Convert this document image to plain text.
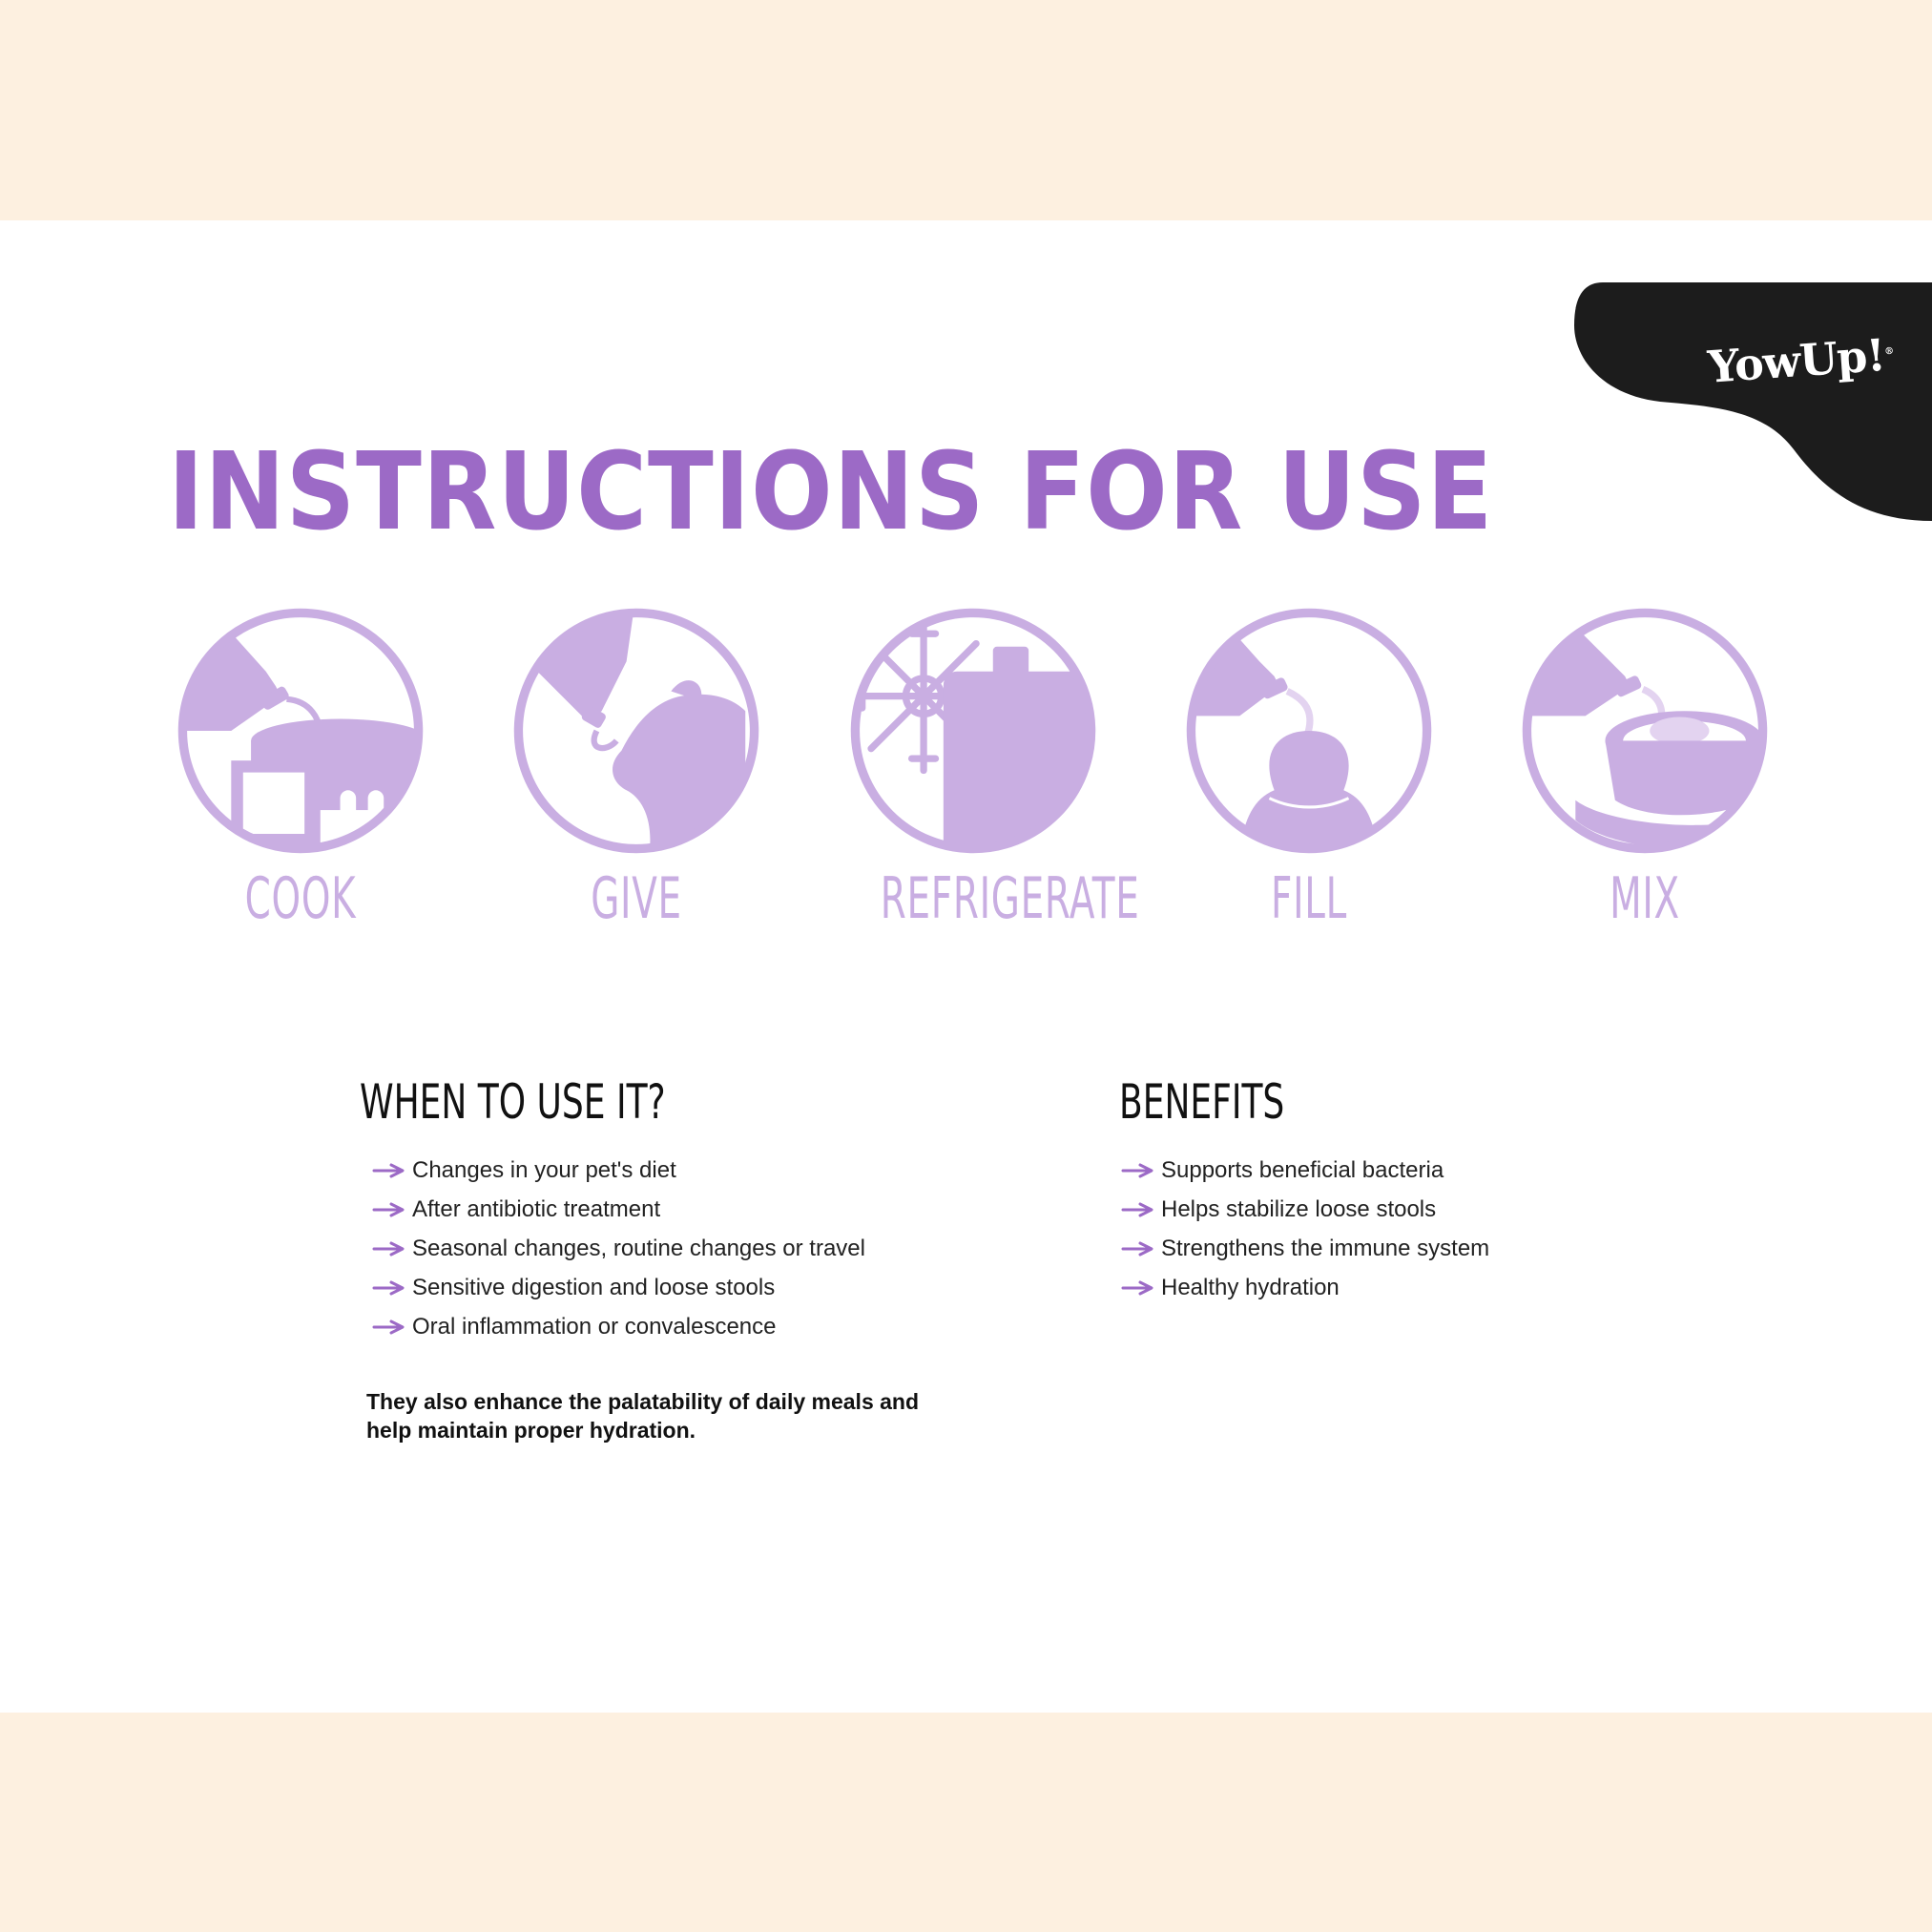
YowUp!®
INSTRUCTIONS FOR USE
COOK	GIVE	REFRIGERATE	FILL	MIX
WHEN TO USE IT?
Changes in your pet's diet
After antibiotic treatment
Seasonal changes, routine changes or travel
Sensitive digestion and loose stools
Oral inflammation or convalescence
BENEFITS
Supports beneficial bacteria
Helps stabilize loose stools
Strengthens the immune system
Healthy hydration

They also enhance the palatability of daily meals and help maintain proper hydration.
